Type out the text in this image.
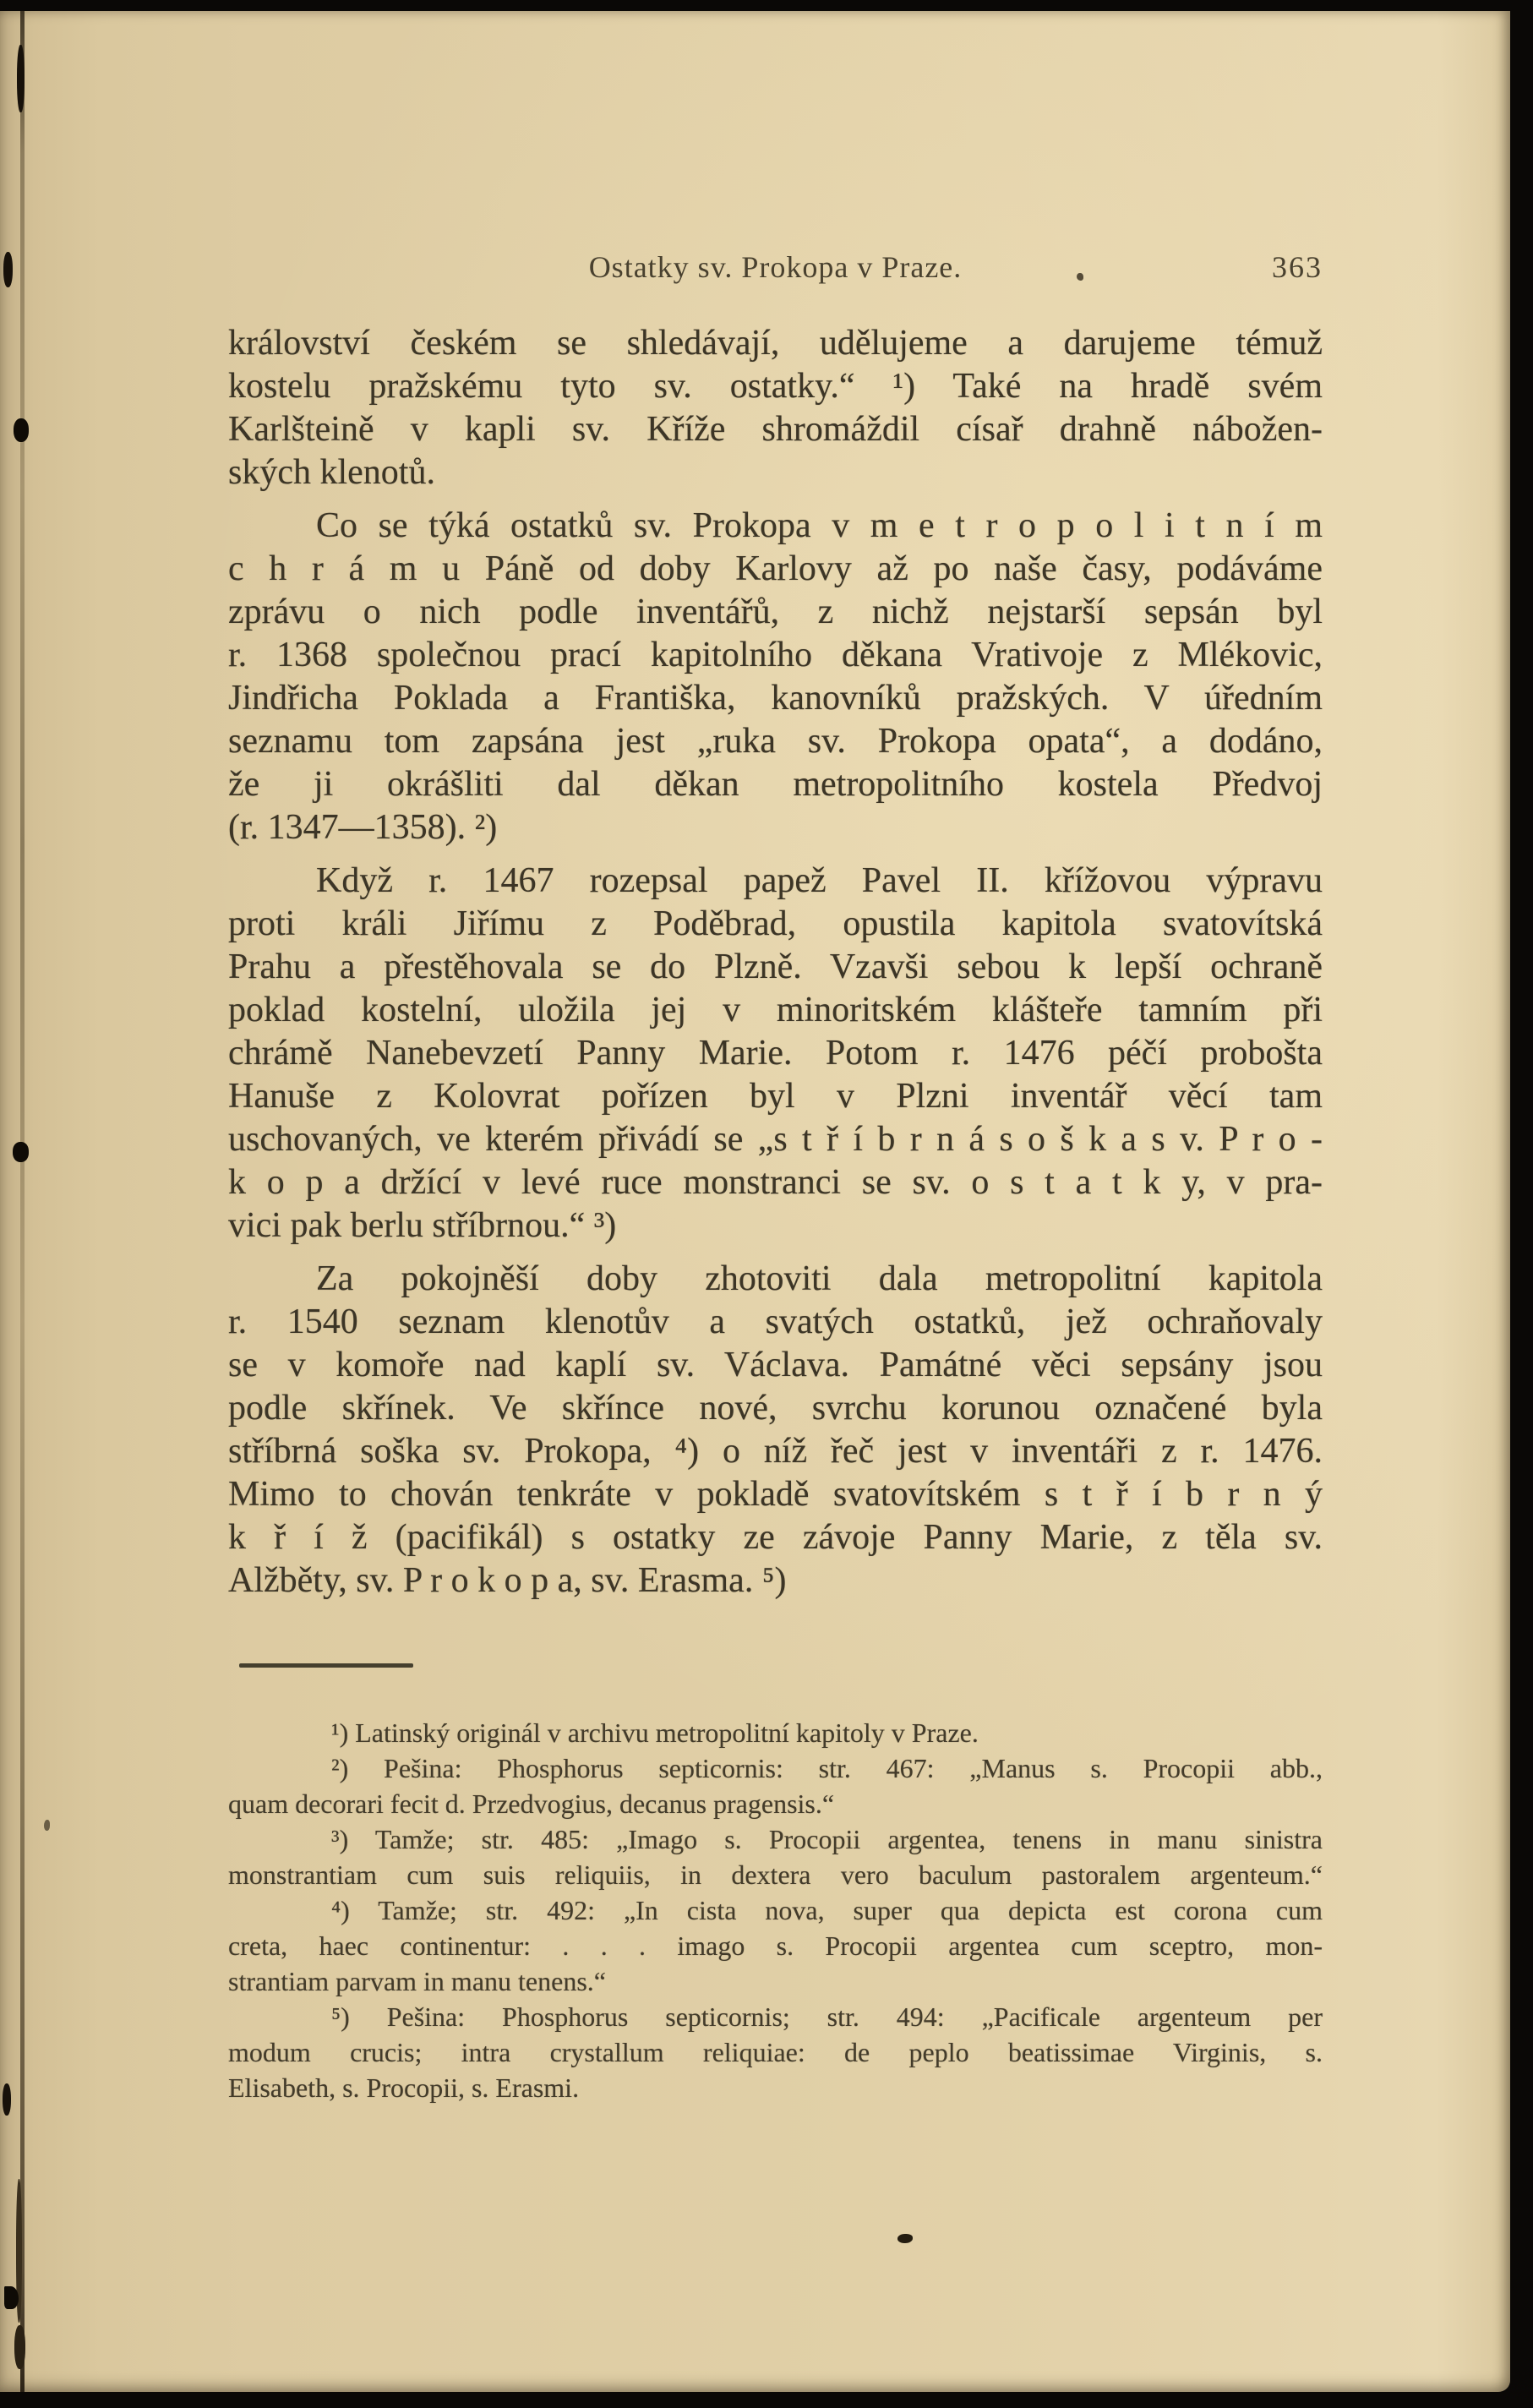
Ostatky sv. Prokopa v Praze.	363
království českém se shledávají, udělujeme a darujeme témuž
kostelu pražskému tyto sv. ostatky.“ ¹) Také na hradě svém
Karlšteině v kapli sv. Kříže shromáždil císař drahně nábožen-
ských klenotů.
Co se týká ostatků sv. Prokopa v m e t r o p o l i t n í m
c h r á m u Páně od doby Karlovy až po naše časy, podáváme
zprávu o nich podle inventářů, z nichž nejstarší sepsán byl
r. 1368 společnou prací kapitolního děkana Vrativoje z Mlékovic,
Jindřicha Poklada a Františka, kanovníků pražských. V úředním
seznamu tom zapsána jest „ruka sv. Prokopa opata“, a dodáno,
že ji okrášliti dal děkan metropolitního kostela Předvoj
(r. 1347—1358). ²)
Když r. 1467 rozepsal papež Pavel II. křížovou výpravu
proti králi Jiřímu z Poděbrad, opustila kapitola svatovítská
Prahu a přestěhovala se do Plzně. Vzavši sebou k lepší ochraně
poklad kostelní, uložila jej v minoritském klášteře tamním při
chrámě Nanebevzetí Panny Marie. Potom r. 1476 péčí probošta
Hanuše z Kolovrat pořízen byl v Plzni inventář věcí tam
uschovaných, ve kterém přivádí se „s t ř í b r n á s o š k a s v. P r o -
k o p a držící v levé ruce monstranci se sv. o s t a t k y, v pra-
vici pak berlu stříbrnou.“ ³)
Za pokojněší doby zhotoviti dala metropolitní kapitola
r. 1540 seznam klenotův a svatých ostatků, jež ochraňovaly
se v komoře nad kaplí sv. Václava. Památné věci sepsány jsou
podle skřínek. Ve skřínce nové, svrchu korunou označené byla
stříbrná soška sv. Prokopa, ⁴) o níž řeč jest v inventáři z r. 1476.
Mimo to chován tenkráte v pokladě svatovítském s t ř í b r n ý
k ř í ž (pacifikál) s ostatky ze závoje Panny Marie, z těla sv.
Alžběty, sv. P r o k o p a, sv. Erasma. ⁵)
¹) Latinský originál v archivu metropolitní kapitoly v Praze.
²) Pešina: Phosphorus septicornis: str. 467: „Manus s. Procopii abb.,
quam decorari fecit d. Przedvogius, decanus pragensis.“
³) Tamže; str. 485: „Imago s. Procopii argentea, tenens in manu sinistra
monstrantiam cum suis reliquiis, in dextera vero baculum pastoralem argenteum.“
⁴) Tamže; str. 492: „In cista nova, super qua depicta est corona cum
creta, haec continentur: . . . imago s. Procopii argentea cum sceptro, mon-
strantiam parvam in manu tenens.“
⁵) Pešina: Phosphorus septicornis; str. 494: „Pacificale argenteum per
modum crucis; intra crystallum reliquiae: de peplo beatissimae Virginis, s.
Elisabeth, s. Procopii, s. Erasmi.
